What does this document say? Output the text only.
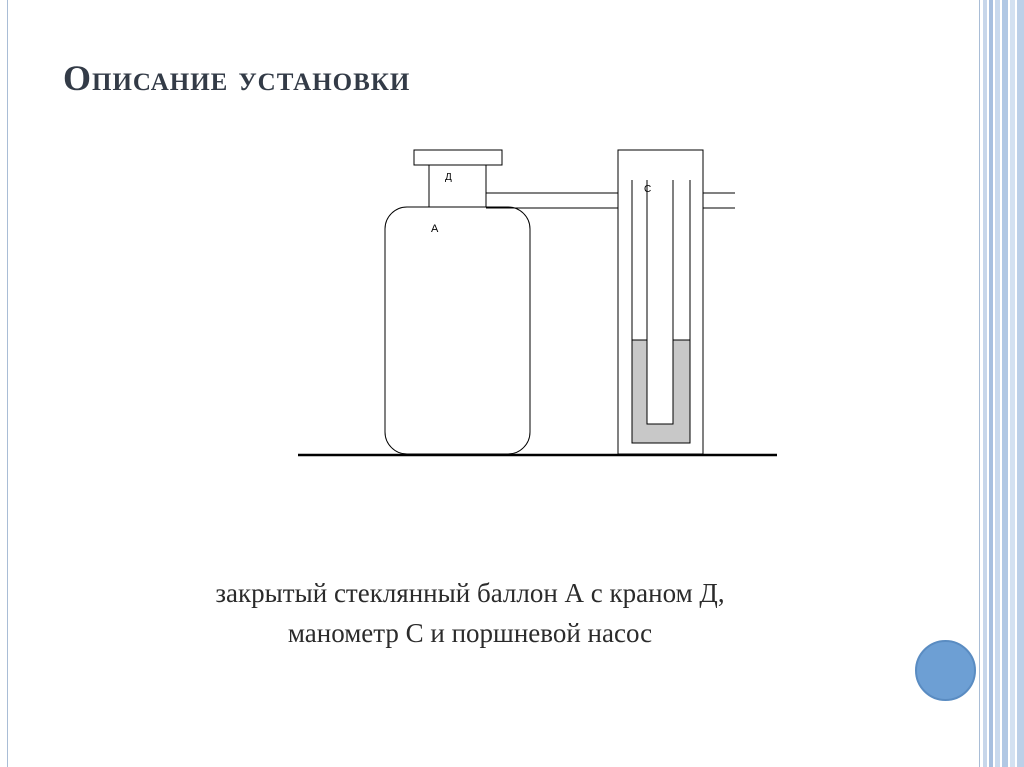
Описание установки
Д
А
С
закрытый стеклянный баллон А с краном Д,
манометр С и поршневой насос
